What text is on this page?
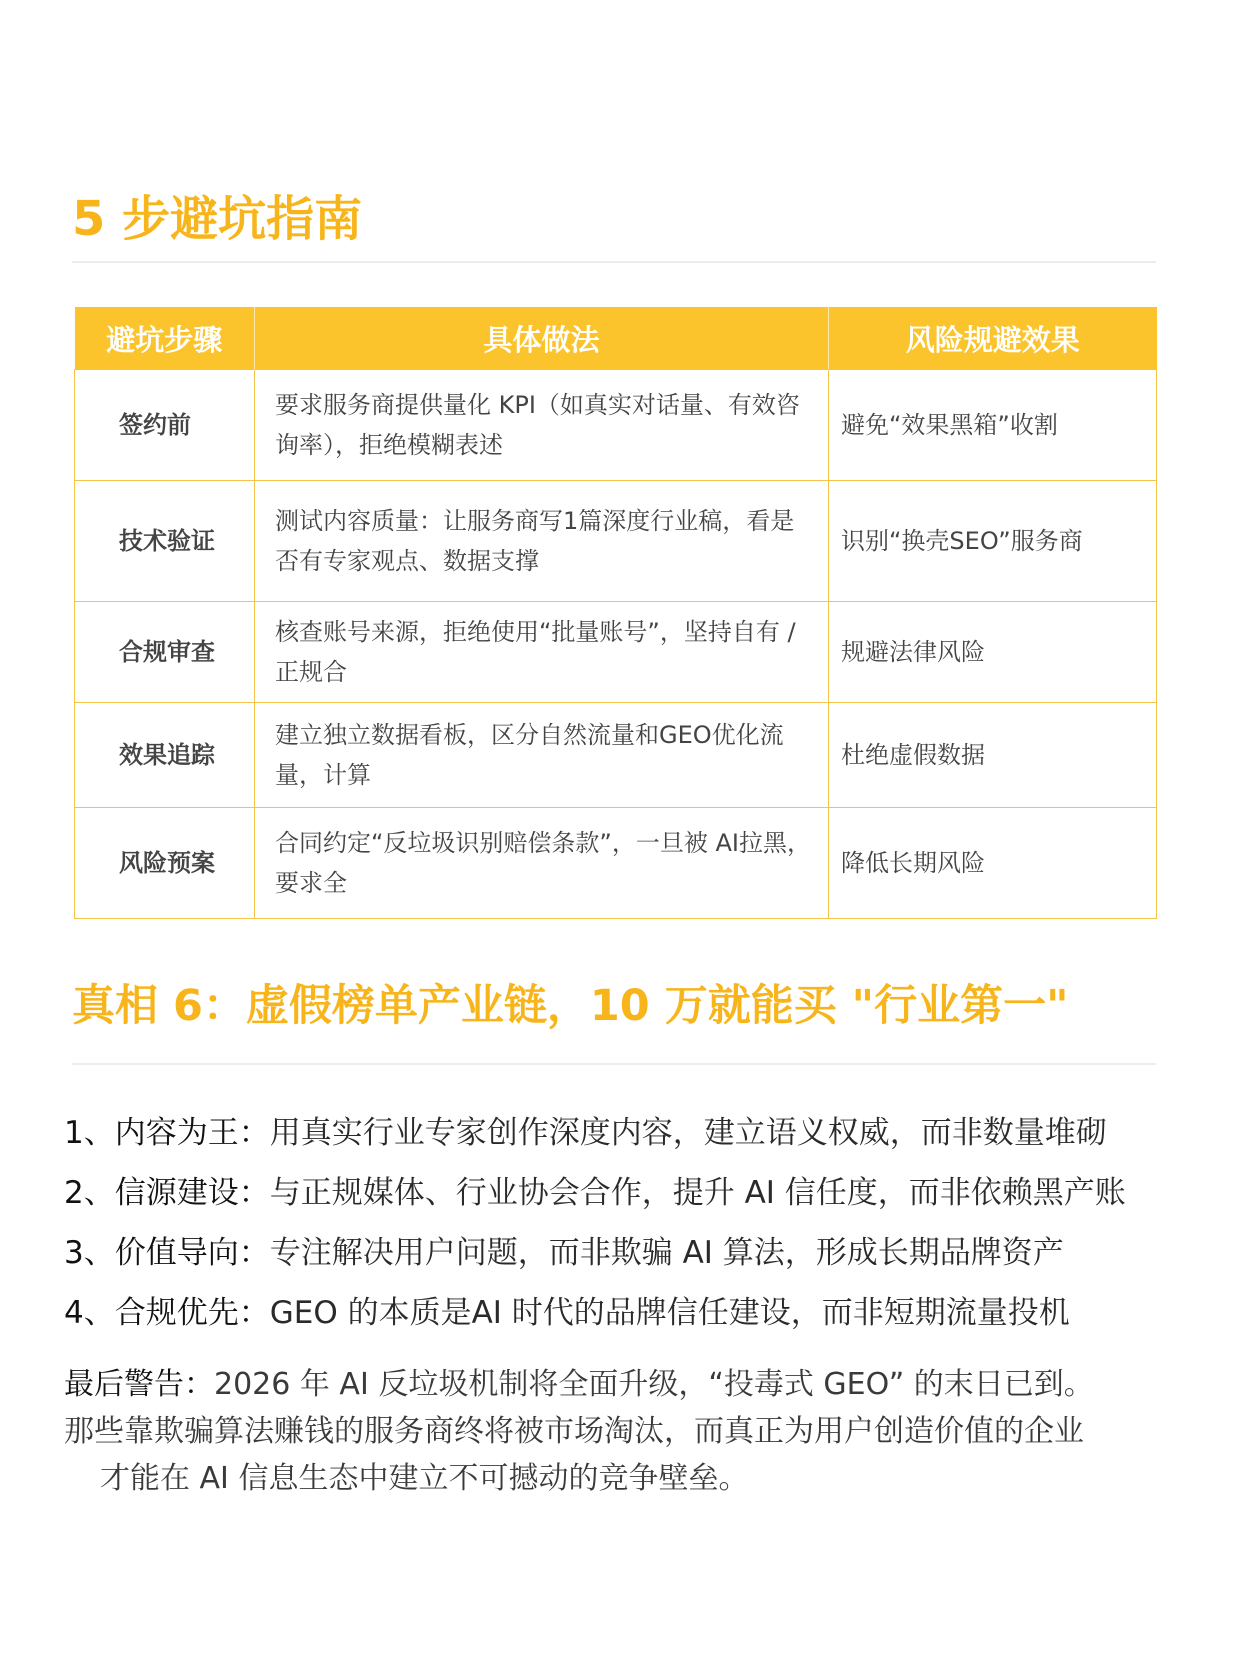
5 步避坑指南
避坑步骤	具体做法	风险规避效果
签约前	要求服务商提供量化 KPI（如真实对话量、有效咨询率），拒绝模糊表述	避免“效果黑箱”收割
技术验证	测试内容质量：让服务商写1篇深度行业稿，看是否有专家观点、数据支撑	识别“换壳SEO”服务商
合规审查	核查账号来源，拒绝使用“批量账号”，坚持自有 / 正规合	规避法律风险
效果追踪	建立独立数据看板，区分自然流量和GEO优化流量，计算	杜绝虚假数据
风险预案	合同约定“反垃圾识别赔偿条款”，一旦被 AI拉黑，要求全	降低长期风险
真相 6：虚假榜单产业链，10 万就能买 "行业第一"
1、内容为王：用真实行业专家创作深度内容，建立语义权威，而非数量堆砌
2、信源建设：与正规媒体、行业协会合作，提升 AI 信任度，而非依赖黑产账
3、价值导向：专注解决用户问题，而非欺骗 AI 算法，形成长期品牌资产
4、合规优先：GEO 的本质是AI 时代的品牌信任建设，而非短期流量投机

最后警告：2026 年 AI 反垃圾机制将全面升级，“投毒式 GEO” 的末日已到。
那些靠欺骗算法赚钱的服务商终将被市场淘汰，而真正为用户创造价值的企业
才能在 AI 信息生态中建立不可撼动的竞争壁垒。
